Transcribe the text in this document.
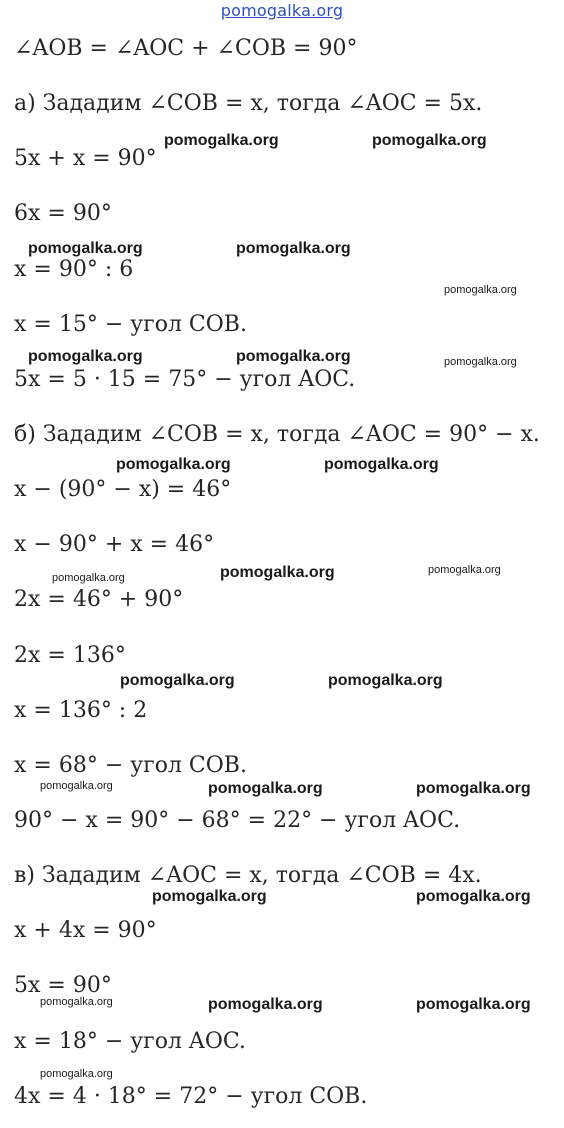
pomogalka.org
∠AOB = ∠AOC + ∠COB = 90°
а) Зададим ∠COB = x, тогда ∠AOC = 5x.
5x + x = 90°
6x = 90°
x = 90° : 6
x = 15° − угол COB.
5x = 5 · 15 = 75° − угол AOC.
б) Зададим ∠COB = x, тогда ∠AOC = 90° − x.
x − (90° − x) = 46°
x − 90° + x = 46°
2x = 46° + 90°
2x = 136°
x = 136° : 2
x = 68° − угол COB.
90° − x = 90° − 68° = 22° − угол AOC.
в) Зададим ∠AOC = x, тогда ∠COB = 4x.
x + 4x = 90°
5x = 90°
x = 18° − угол AOC.
4x = 4 · 18° = 72° − угол COB.
pomogalka.org	pomogalka.org
pomogalka.org	pomogalka.org
pomogalka.org
pomogalka.org	pomogalka.org	pomogalka.org
pomogalka.org	pomogalka.org
pomogalka.org	pomogalka.org	pomogalka.org
pomogalka.org	pomogalka.org
pomogalka.org	pomogalka.org	pomogalka.org
pomogalka.org	pomogalka.org
pomogalka.org	pomogalka.org	pomogalka.org
pomogalka.org
